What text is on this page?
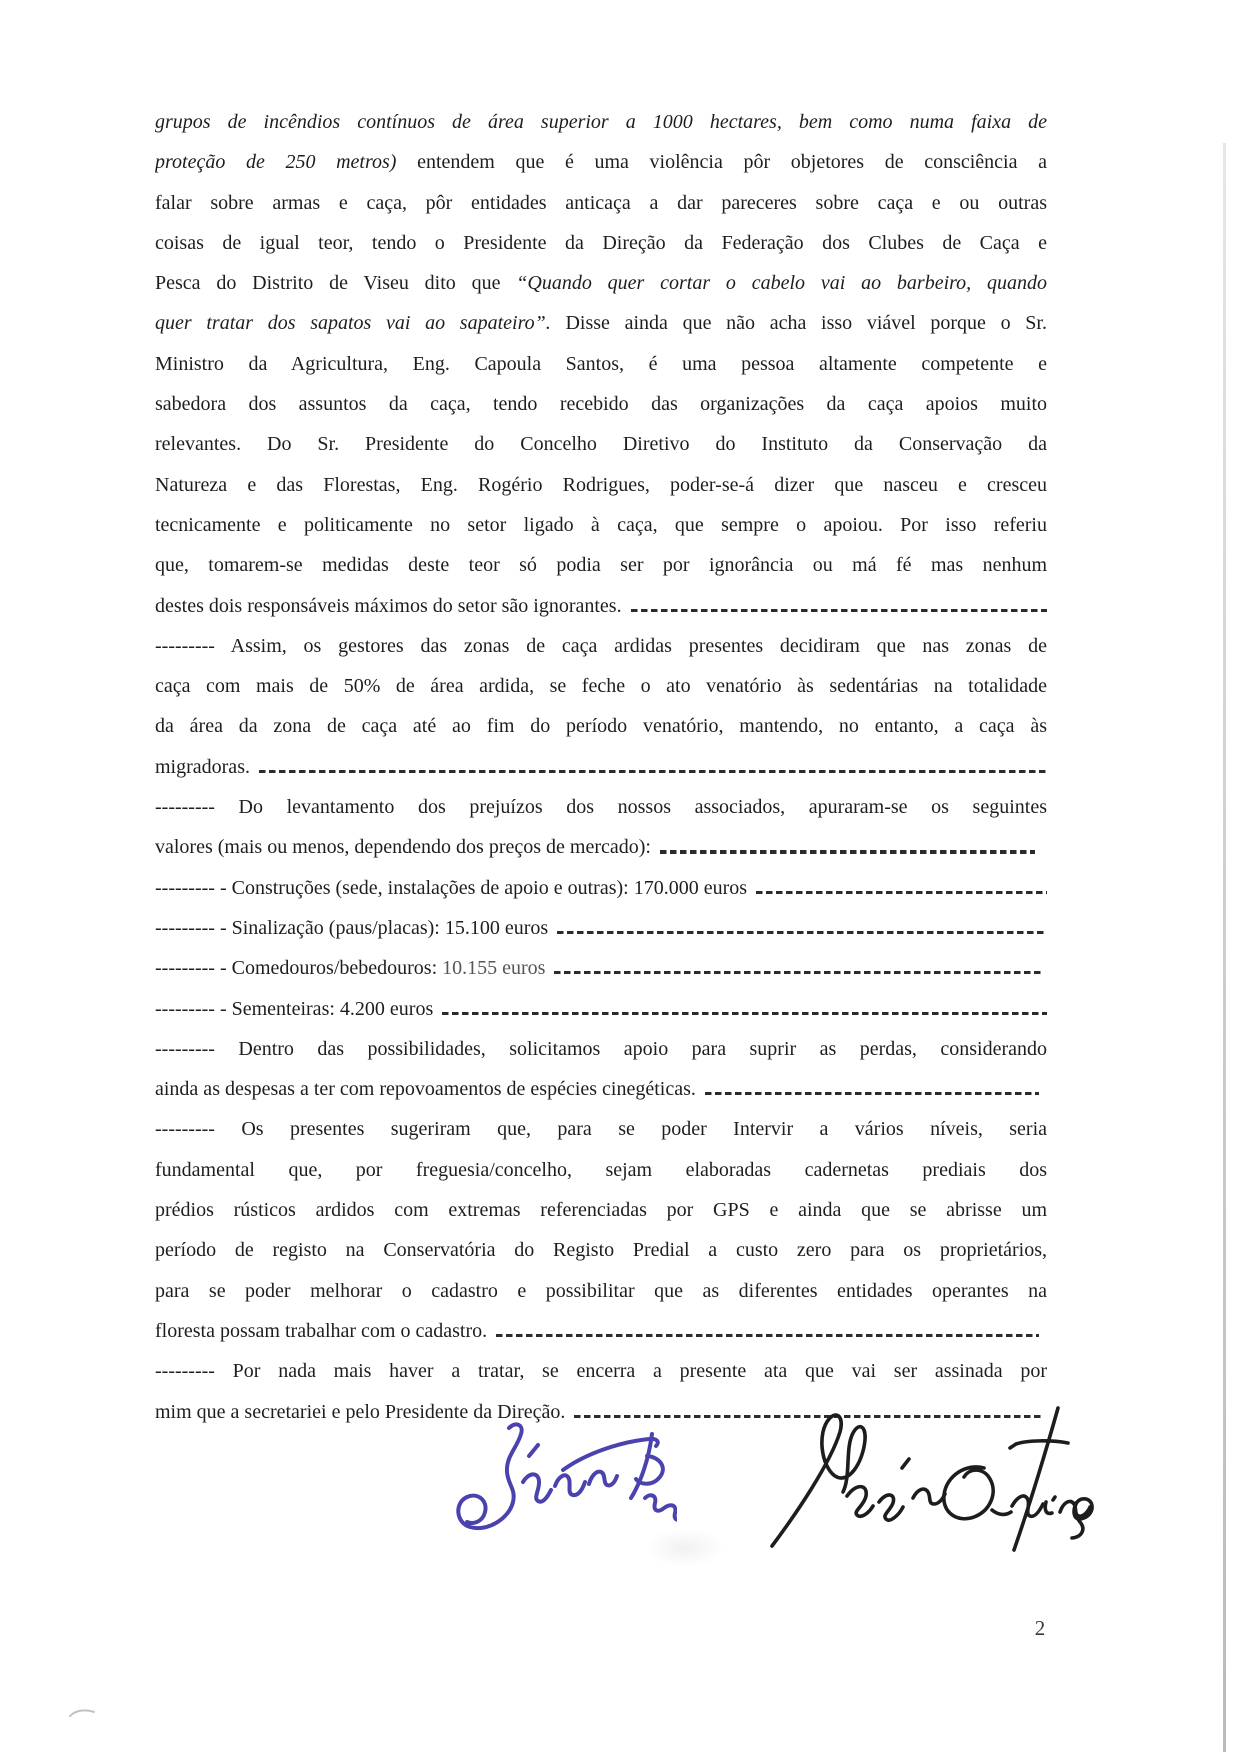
grupos de incêndios contínuos de área superior a 1000 hectares, bem como numa faixa de
proteção de 250 metros) entendem que é uma violência pôr objetores de consciência a
falar sobre armas e caça, pôr entidades anticaça a dar pareceres sobre caça e ou outras
coisas de igual teor, tendo o Presidente da Direção da Federação dos Clubes de Caça e
Pesca do Distrito de Viseu dito que “Quando quer cortar o cabelo vai ao barbeiro, quando
quer tratar dos sapatos vai ao sapateiro”. Disse ainda que não acha isso viável porque o Sr.
Ministro da Agricultura, Eng. Capoula Santos, é uma pessoa altamente competente e
sabedora dos assuntos da caça, tendo recebido das organizações da caça apoios muito
relevantes. Do Sr. Presidente do Concelho Diretivo do Instituto da Conservação da
Natureza e das Florestas, Eng. Rogério Rodrigues, poder-se-á dizer que nasceu e cresceu
tecnicamente e politicamente no setor ligado à caça, que sempre o apoiou. Por isso referiu
que, tomarem-se medidas deste teor só podia ser por ignorância ou má fé mas nenhum
destes dois responsáveis máximos do setor são ignorantes.
--------- Assim, os gestores das zonas de caça ardidas presentes decidiram que nas zonas de
caça com mais de 50% de área ardida, se feche o ato venatório às sedentárias na totalidade
da área da zona de caça até ao fim do período venatório, mantendo, no entanto, a caça às
migradoras.
--------- Do levantamento dos prejuízos dos nossos associados, apuraram-se os seguintes
valores (mais ou menos, dependendo dos preços de mercado):
--------- - Construções (sede, instalações de apoio e outras): 170.000 euros
--------- - Sinalização (paus/placas): 15.100 euros
--------- - Comedouros/bebedouros: 10.155 euros
--------- - Sementeiras: 4.200 euros
--------- Dentro das possibilidades, solicitamos apoio para suprir as perdas, considerando
ainda as despesas a ter com repovoamentos de espécies cinegéticas.
--------- Os presentes sugeriram que, para se poder Intervir a vários níveis, seria
fundamental que, por freguesia/concelho, sejam elaboradas cadernetas prediais dos
prédios rústicos ardidos com extremas referenciadas por GPS e ainda que se abrisse um
período de registo na Conservatória do Registo Predial a custo zero para os proprietários,
para se poder melhorar o cadastro e possibilitar que as diferentes entidades operantes na
floresta possam trabalhar com o cadastro.
--------- Por nada mais haver a tratar, se encerra a presente ata que vai ser assinada por
mim que a secretariei e pelo Presidente da Direção.
2
